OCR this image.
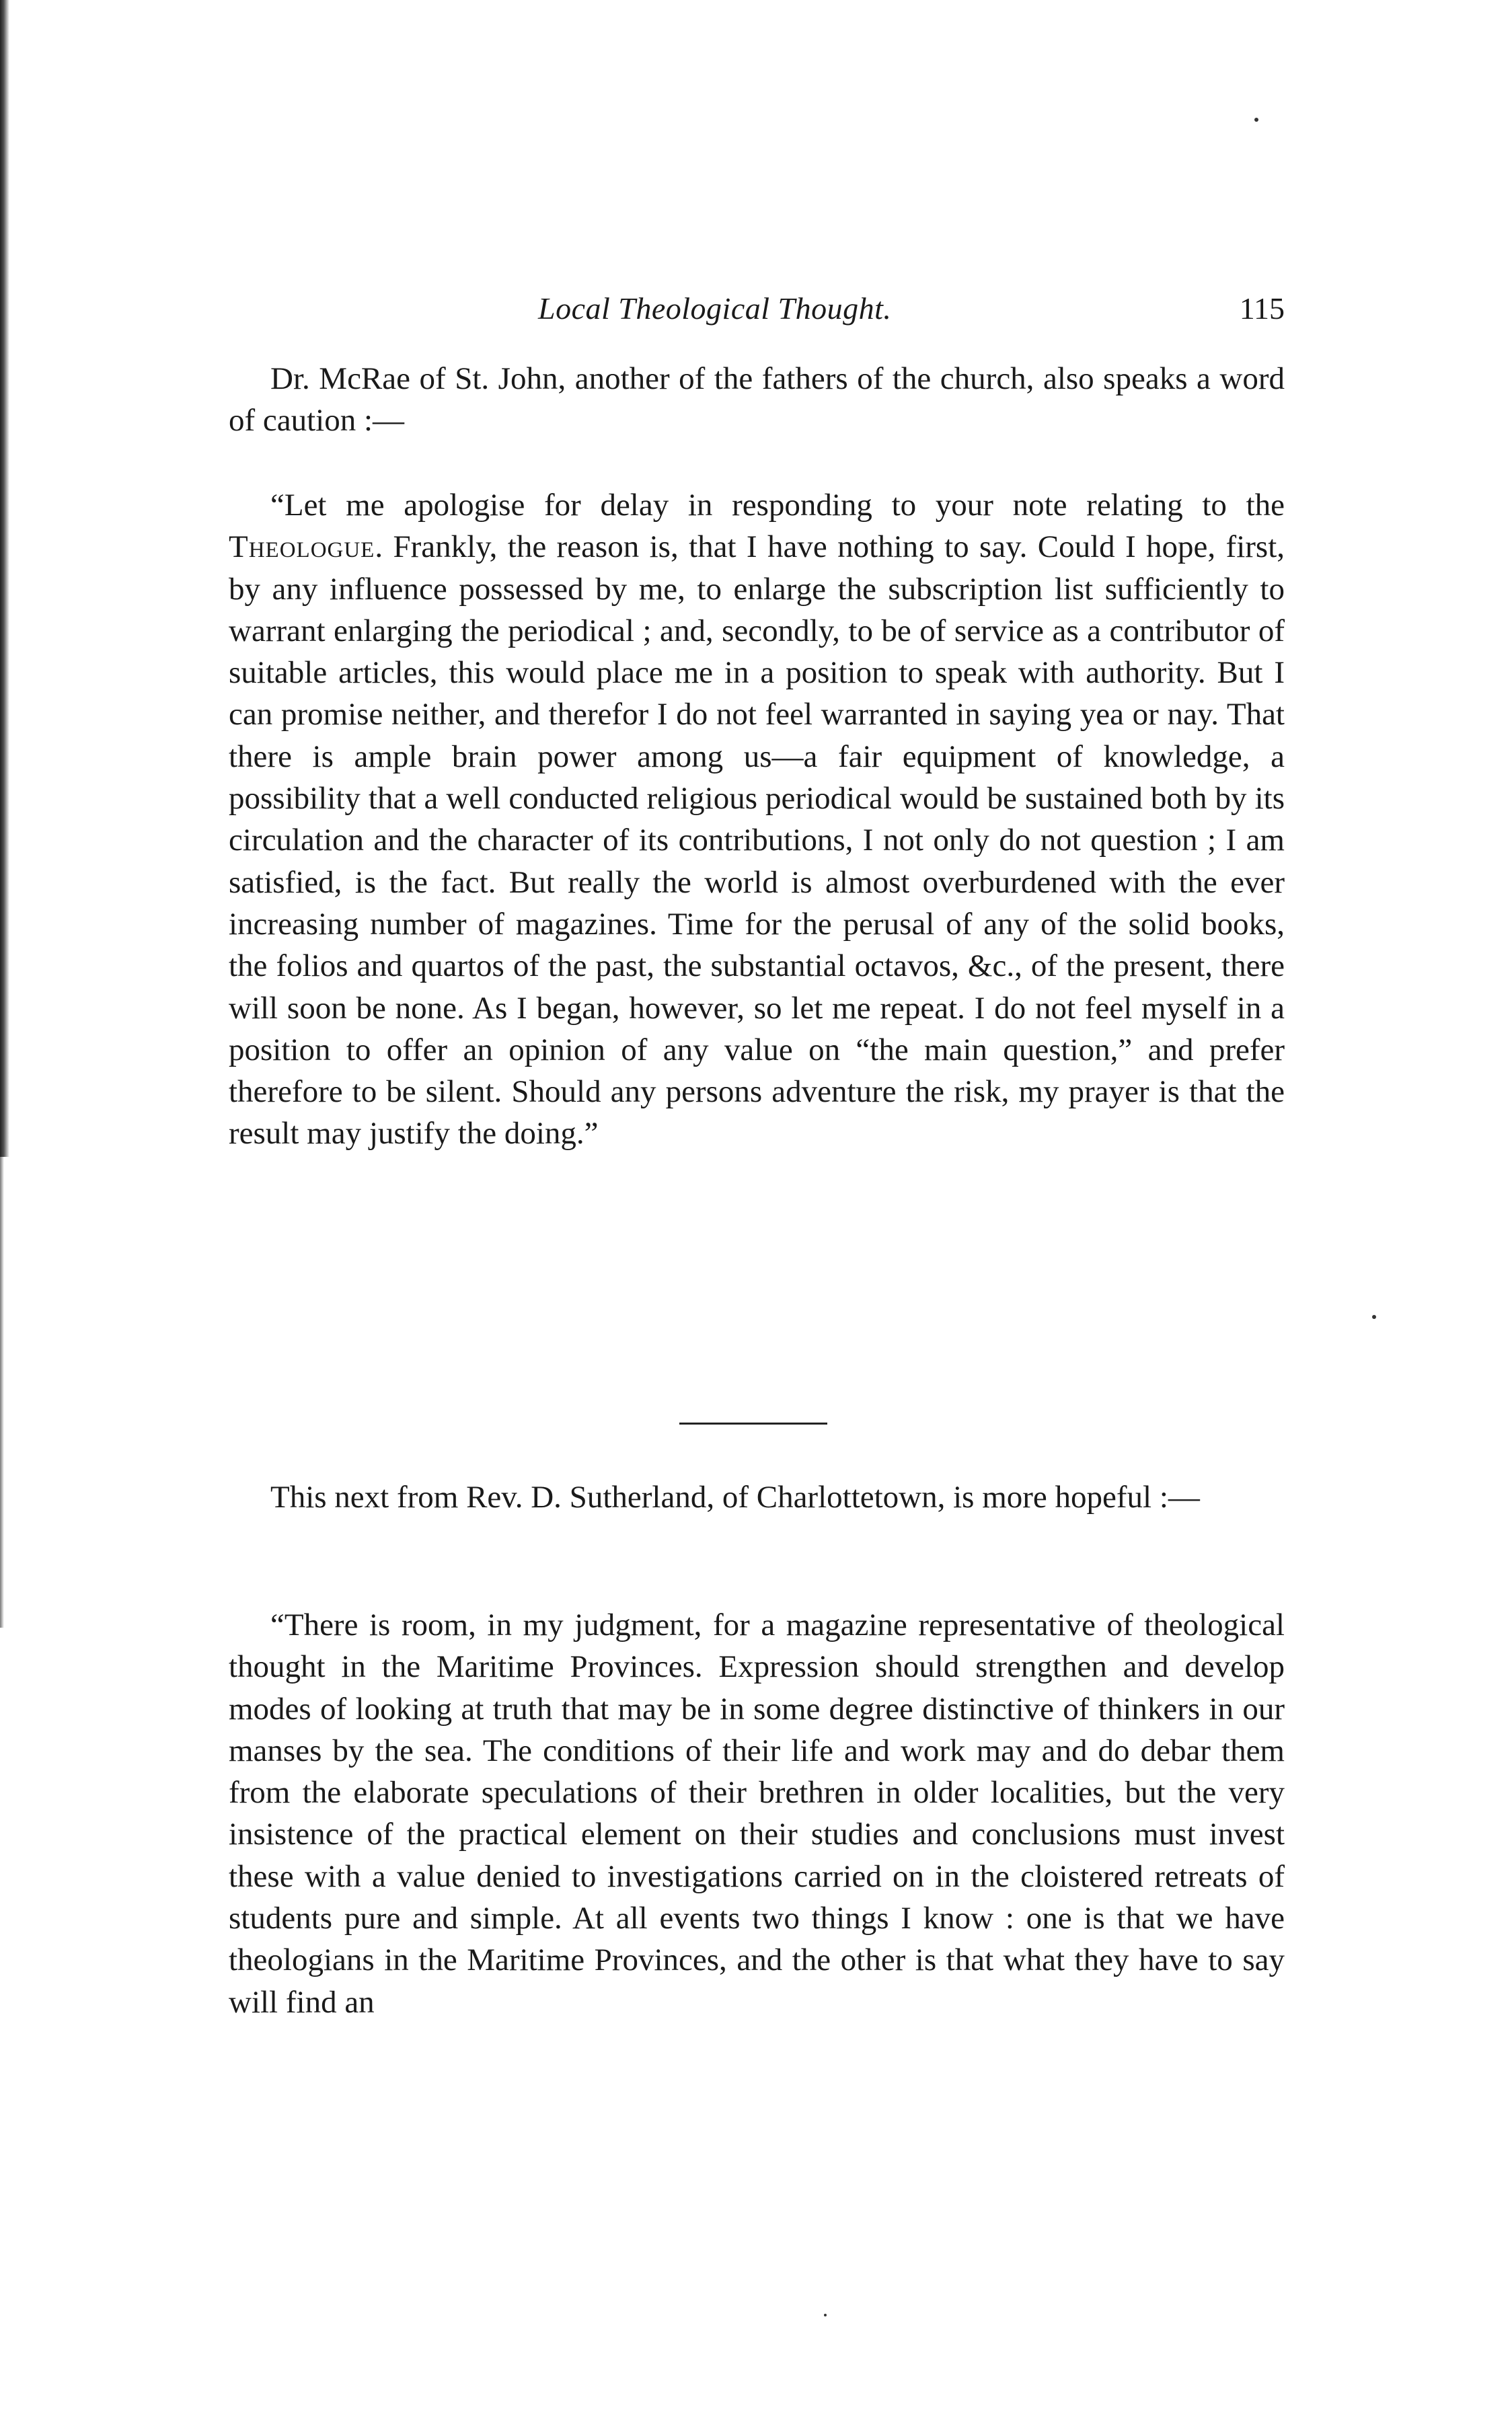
Local Theological Thought.	115

Dr. McRae of St. John, another of the fathers of the church, also speaks a word of caution :—

“Let me apologise for delay in responding to your note relating to the Theologue. Frankly, the reason is, that I have nothing to say. Could I hope, first, by any influence possessed by me, to enlarge the subscription list sufficiently to warrant enlarging the periodical ; and, secondly, to be of service as a contributor of suitable articles, this would place me in a position to speak with authority. But I can promise neither, and therefor I do not feel warranted in saying yea or nay. That there is ample brain power among us—a fair equipment of knowledge, a possibility that a well conducted religious periodical would be sustained both by its circulation and the character of its contributions, I not only do not question ; I am satisfied, is the fact. But really the world is almost overburdened with the ever increasing number of magazines. Time for the perusal of any of the solid books, the folios and quartos of the past, the substantial octavos, &c., of the present, there will soon be none. As I began, however, so let me repeat. I do not feel myself in a position to offer an opinion of any value on “the main question,” and prefer therefore to be silent. Should any persons adventure the risk, my prayer is that the result may justify the doing.”

This next from Rev. D. Sutherland, of Charlottetown, is more hopeful :—

“There is room, in my judgment, for a magazine representative of theological thought in the Maritime Provinces. Expression should strengthen and develop modes of looking at truth that may be in some degree distinctive of thinkers in our manses by the sea. The conditions of their life and work may and do debar them from the elaborate speculations of their brethren in older localities, but the very insistence of the practical element on their studies and conclusions must invest these with a value denied to investigations carried on in the cloistered retreats of students pure and simple. At all events two things I know : one is that we have theologians in the Maritime Provinces, and the other is that what they have to say will find an
